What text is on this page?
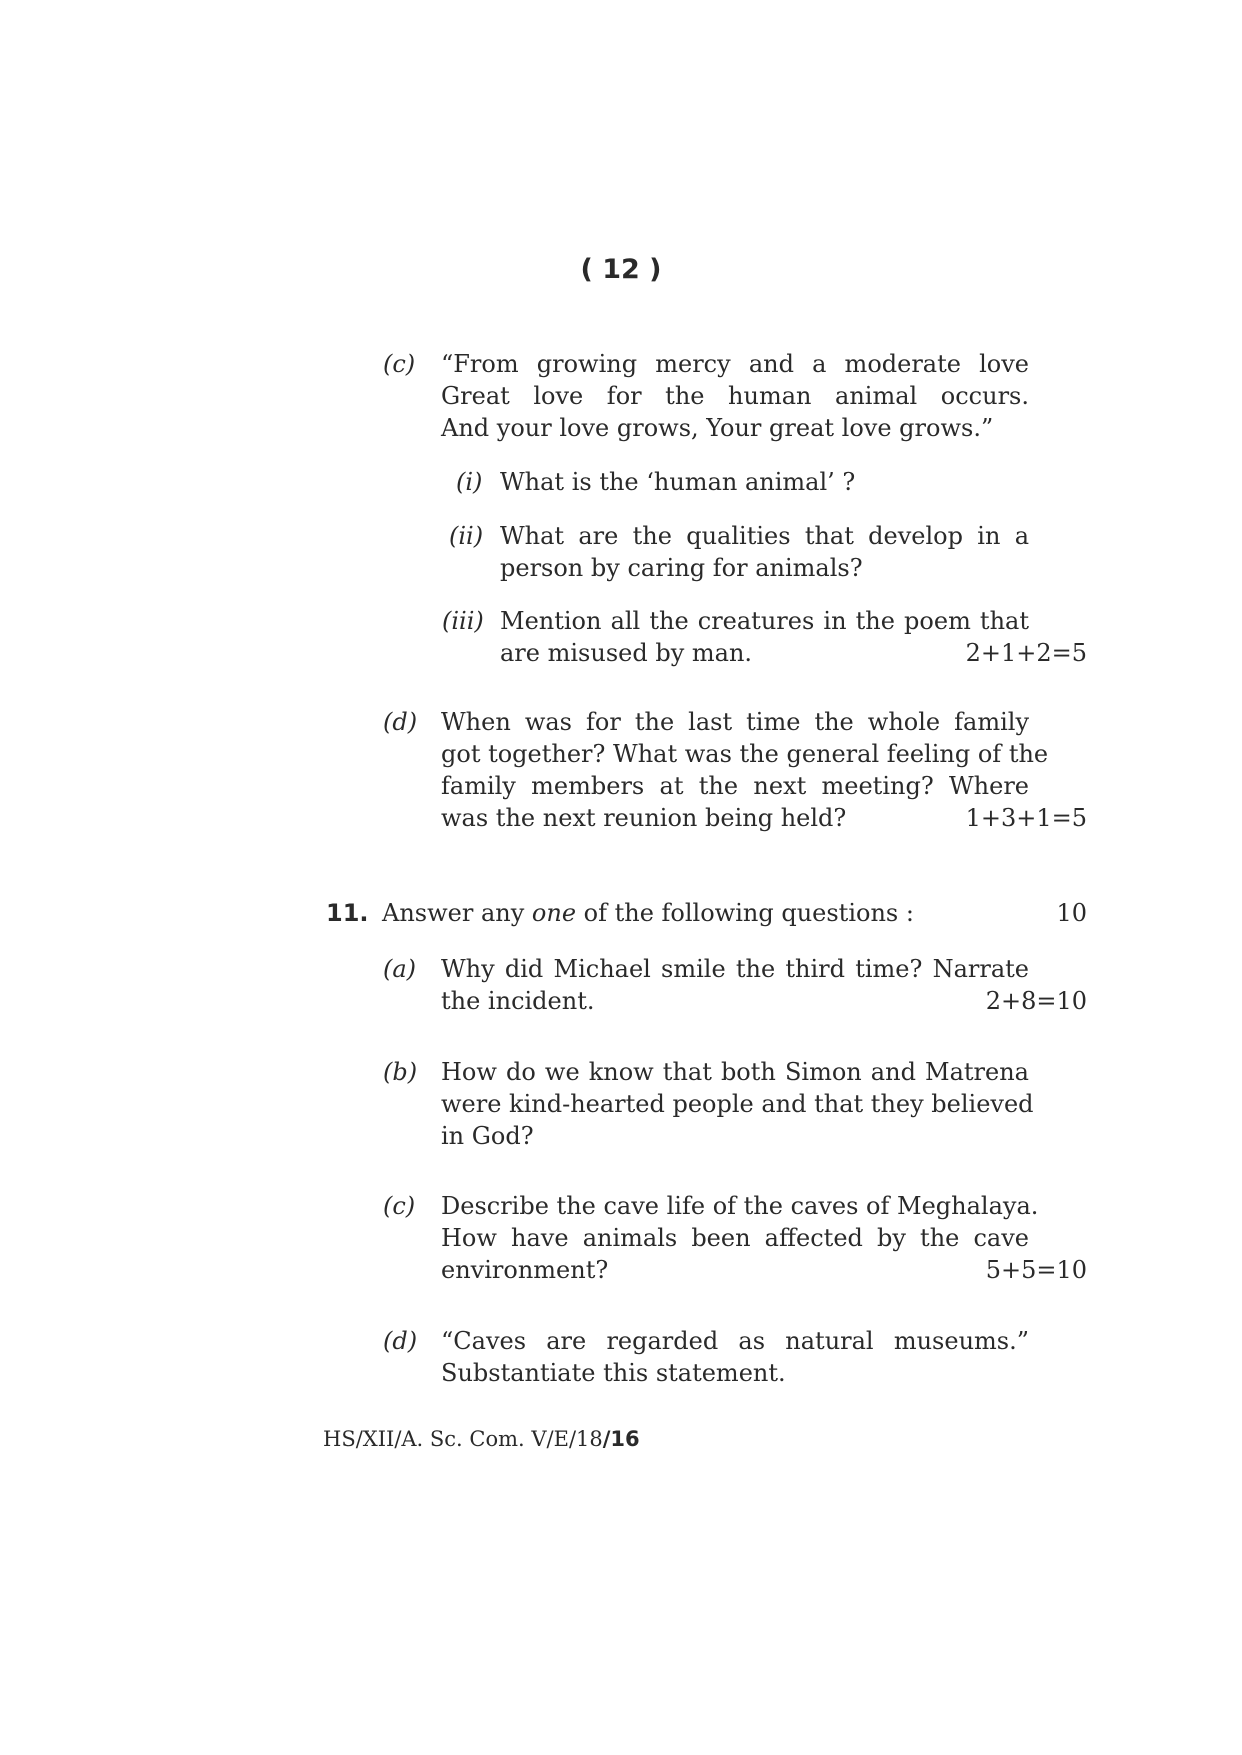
( 12 )
(c) “From growing mercy and a moderate love
Great love for the human animal occurs.
And your love grows, Your great love grows.”
(i) What is the ‘human animal’ ?
(ii) What are the qualities that develop in a
person by caring for animals?
(iii) Mention all the creatures in the poem that
are misused by man.	2+1+2=5
(d) When was for the last time the whole family
got together? What was the general feeling of the
family members at the next meeting? Where
was the next reunion being held?	1+3+1=5
11. Answer any one of the following questions :	10
(a) Why did Michael smile the third time? Narrate
the incident.	2+8=10
(b) How do we know that both Simon and Matrena
were kind-hearted people and that they believed
in God?
(c) Describe the cave life of the caves of Meghalaya.
How have animals been affected by the cave
environment?	5+5=10
(d) “Caves are regarded as natural museums.”
Substantiate this statement.
HS/XII/A. Sc. Com. V/E/18/16
